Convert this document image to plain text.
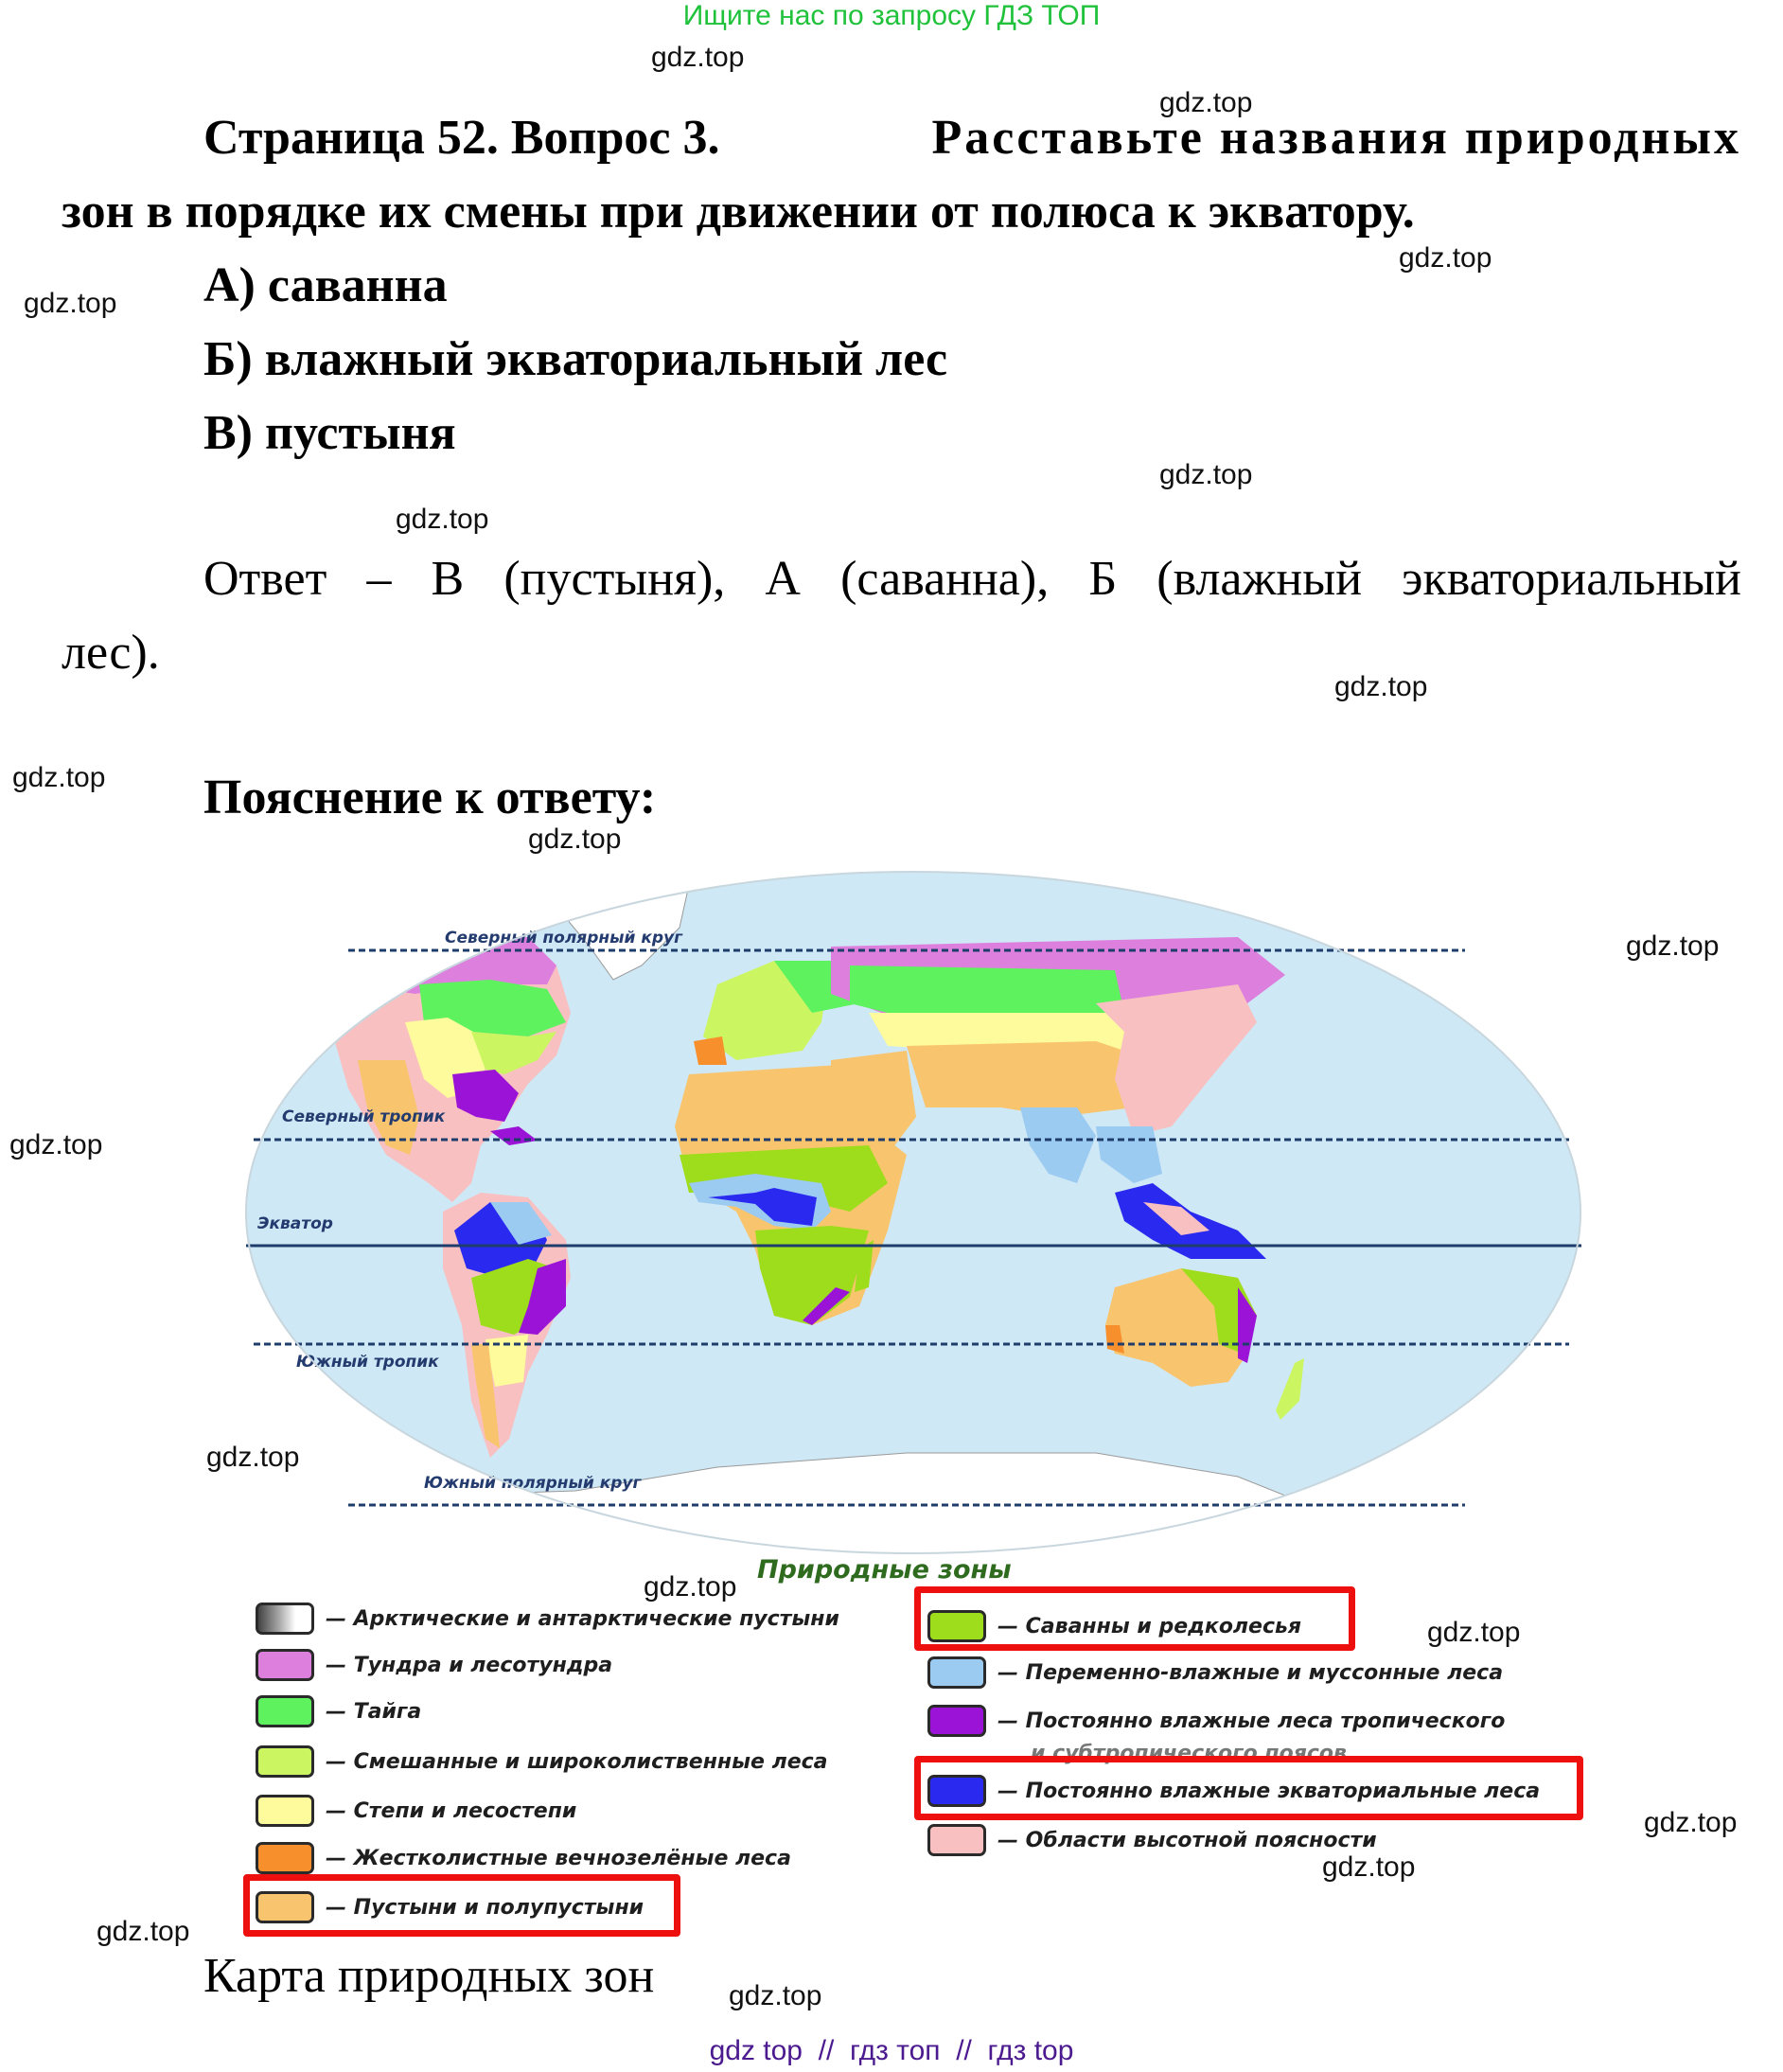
Ищите нас по запросу ГДЗ ТОП
gdz.top
gdz.top
gdz.top
gdz.top
gdz.top
gdz.top
gdz.top
gdz.top
gdz.top
gdz.top
gdz.top
gdz.top
gdz.top
gdz.top
gdz.top
gdz.top
gdz.top
gdz.top
Страница 52. Вопрос 3.	Расставьте названия природных
зон в порядке их смены при движении от полюса к экватору.
А) саванна
Б) влажный экваториальный лес
В) пустыня
Ответ – В (пустыня), А (саванна), Б (влажный экваториальный
лес).
Пояснение к ответу:
Северный полярный круг
Северный тропик
Экватор
Южный тропик
Южный полярный круг
Природные зоны
— Арктические и антарктические пустыни
— Тундра и лесотундра
— Тайга
— Смешанные и широколиственные леса
— Степи и лесостепи
— Жестколистные вечнозелёные леса
— Пустыни и полупустыни
— Саванны и редколесья
— Переменно-влажные и муссонные леса
— Постоянно влажные леса тропического
и субтропического поясов
— Постоянно влажные экваториальные леса
— Области высотной поясности
Карта природных зон
gdz top  //  гдз топ  //  гдз top
